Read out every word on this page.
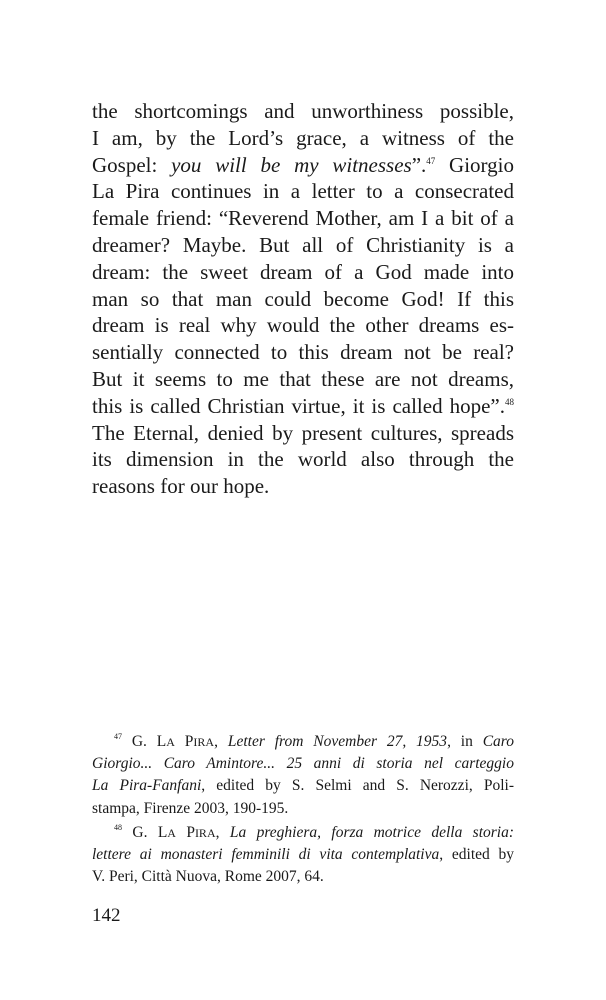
the shortcomings and unworthiness possible,
I am, by the Lord’s grace, a witness of the
Gospel: you will be my witnesses”.$^{47}$ Giorgio
La Pira continues in a letter to a consecrated
female friend: “Reverend Mother, am I a bit of a
dreamer? Maybe. But all of Christianity is a
dream: the sweet dream of a God made into
man so that man could become God! If this
dream is real why would the other dreams es-
sentially connected to this dream not be real?
But it seems to me that these are not dreams,
this is called Christian virtue, it is called hope”.$^{48}$
The Eternal, denied by present cultures, spreads
its dimension in the world also through the
reasons for our hope.
$^{47}$ G. LA PIRA, Letter from November 27, 1953, in Caro
Giorgio... Caro Amintore... 25 anni di storia nel carteggio
La Pira-Fanfani, edited by S. Selmi and S. Nerozzi, Poli-
stampa, Firenze 2003, 190-195.
$^{48}$ G. LA PIRA, La preghiera, forza motrice della storia:
lettere ai monasteri femminili di vita contemplativa, edited by
V. Peri, Città Nuova, Rome 2007, 64.
142
